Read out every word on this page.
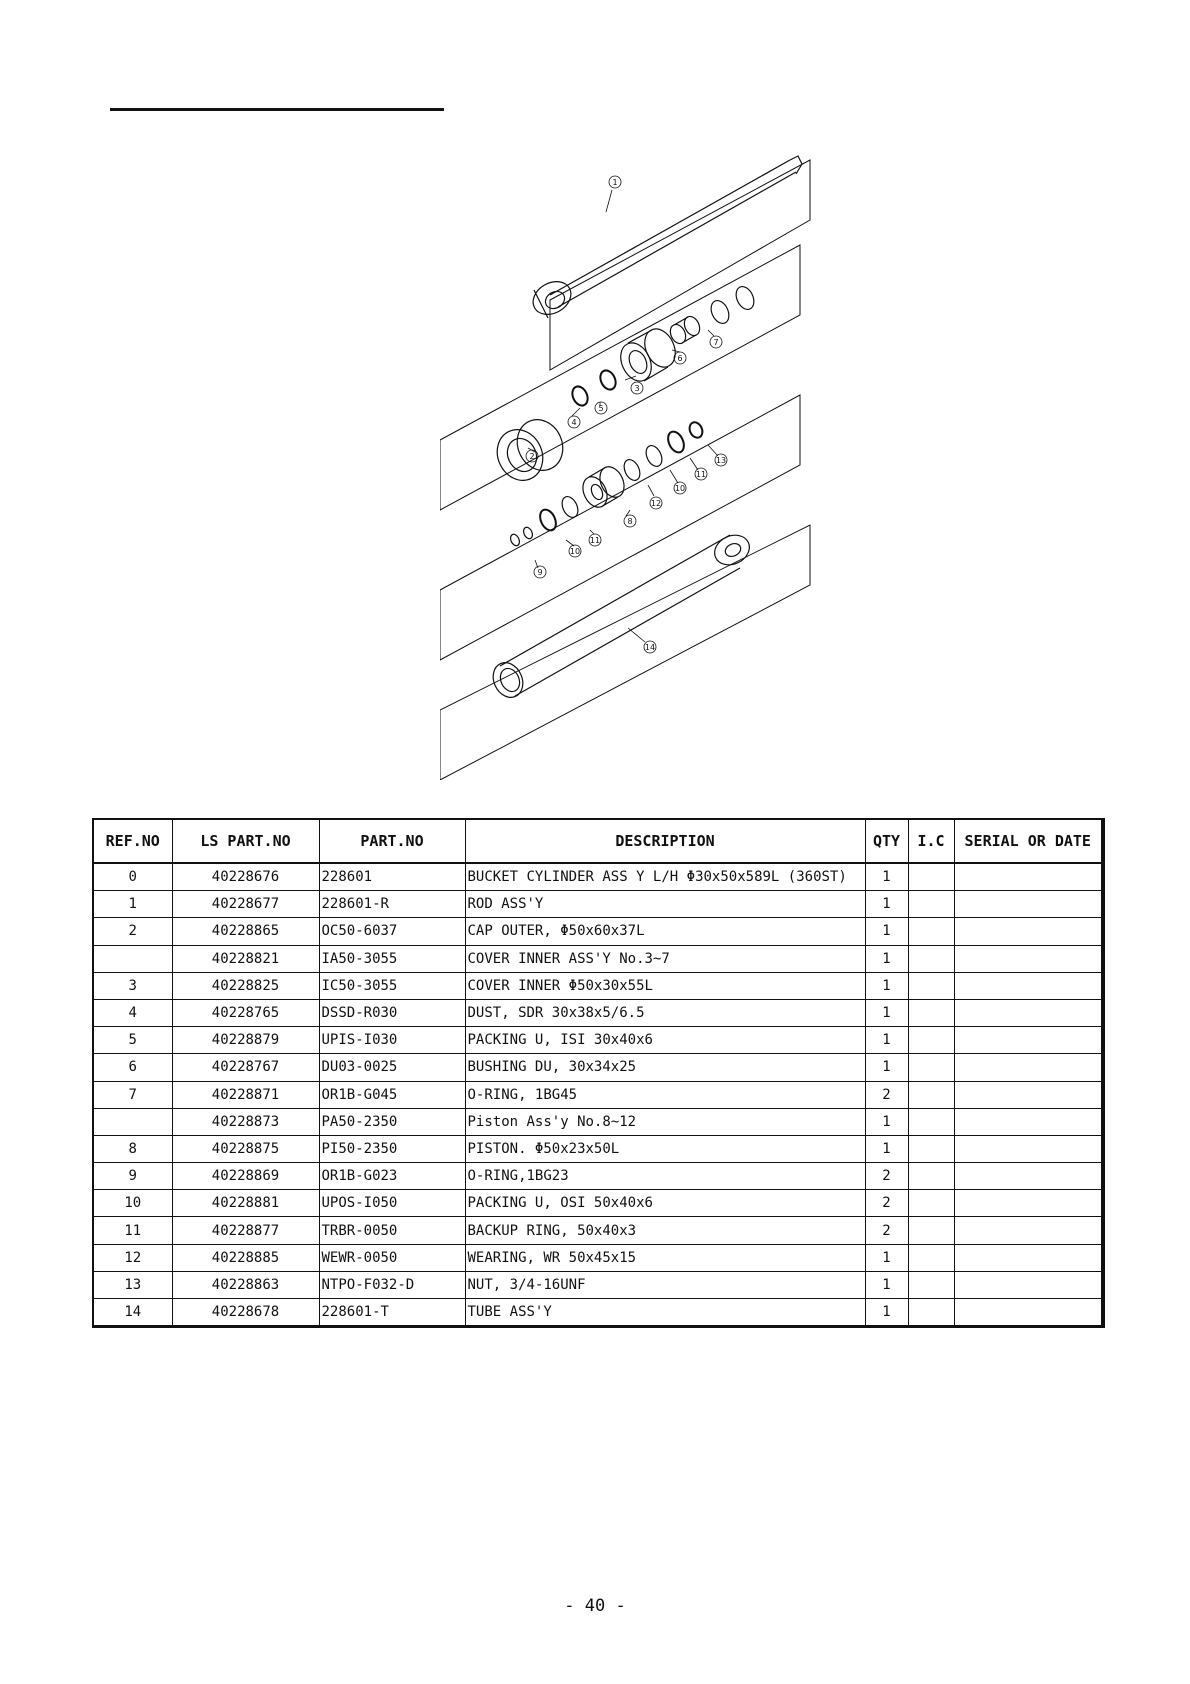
1
2
3
4
5
6
7
8
9
10
11
12
10
11
13
14
REF.NO	LS PART.NO	PART.NO	DESCRIPTION	QTY	I.C	SERIAL OR DATE
0	40228676	228601	BUCKET CYLINDER ASS Y L/H Φ30x50x589L (360ST)	1		
1	40228677	228601-R	ROD ASS'Y	1		
2	40228865	OC50-6037	CAP OUTER, Φ50x60x37L	1		
	40228821	IA50-3055	COVER INNER ASS'Y No.3~7	1		
3	40228825	IC50-3055	COVER INNER Φ50x30x55L	1		
4	40228765	DSSD-R030	DUST, SDR 30x38x5/6.5	1		
5	40228879	UPIS-I030	PACKING U, ISI 30x40x6	1		
6	40228767	DU03-0025	BUSHING DU, 30x34x25	1		
7	40228871	OR1B-G045	O-RING, 1BG45	2		
	40228873	PA50-2350	Piston Ass'y No.8~12	1		
8	40228875	PI50-2350	PISTON. Φ50x23x50L	1		
9	40228869	OR1B-G023	O-RING,1BG23	2		
10	40228881	UPOS-I050	PACKING U, OSI 50x40x6	2		
11	40228877	TRBR-0050	BACKUP RING, 50x40x3	2		
12	40228885	WEWR-0050	WEARING, WR 50x45x15	1		
13	40228863	NTPO-F032-D	NUT, 3/4-16UNF	1		
14	40228678	228601-T	TUBE ASS'Y	1		
- 40 -
